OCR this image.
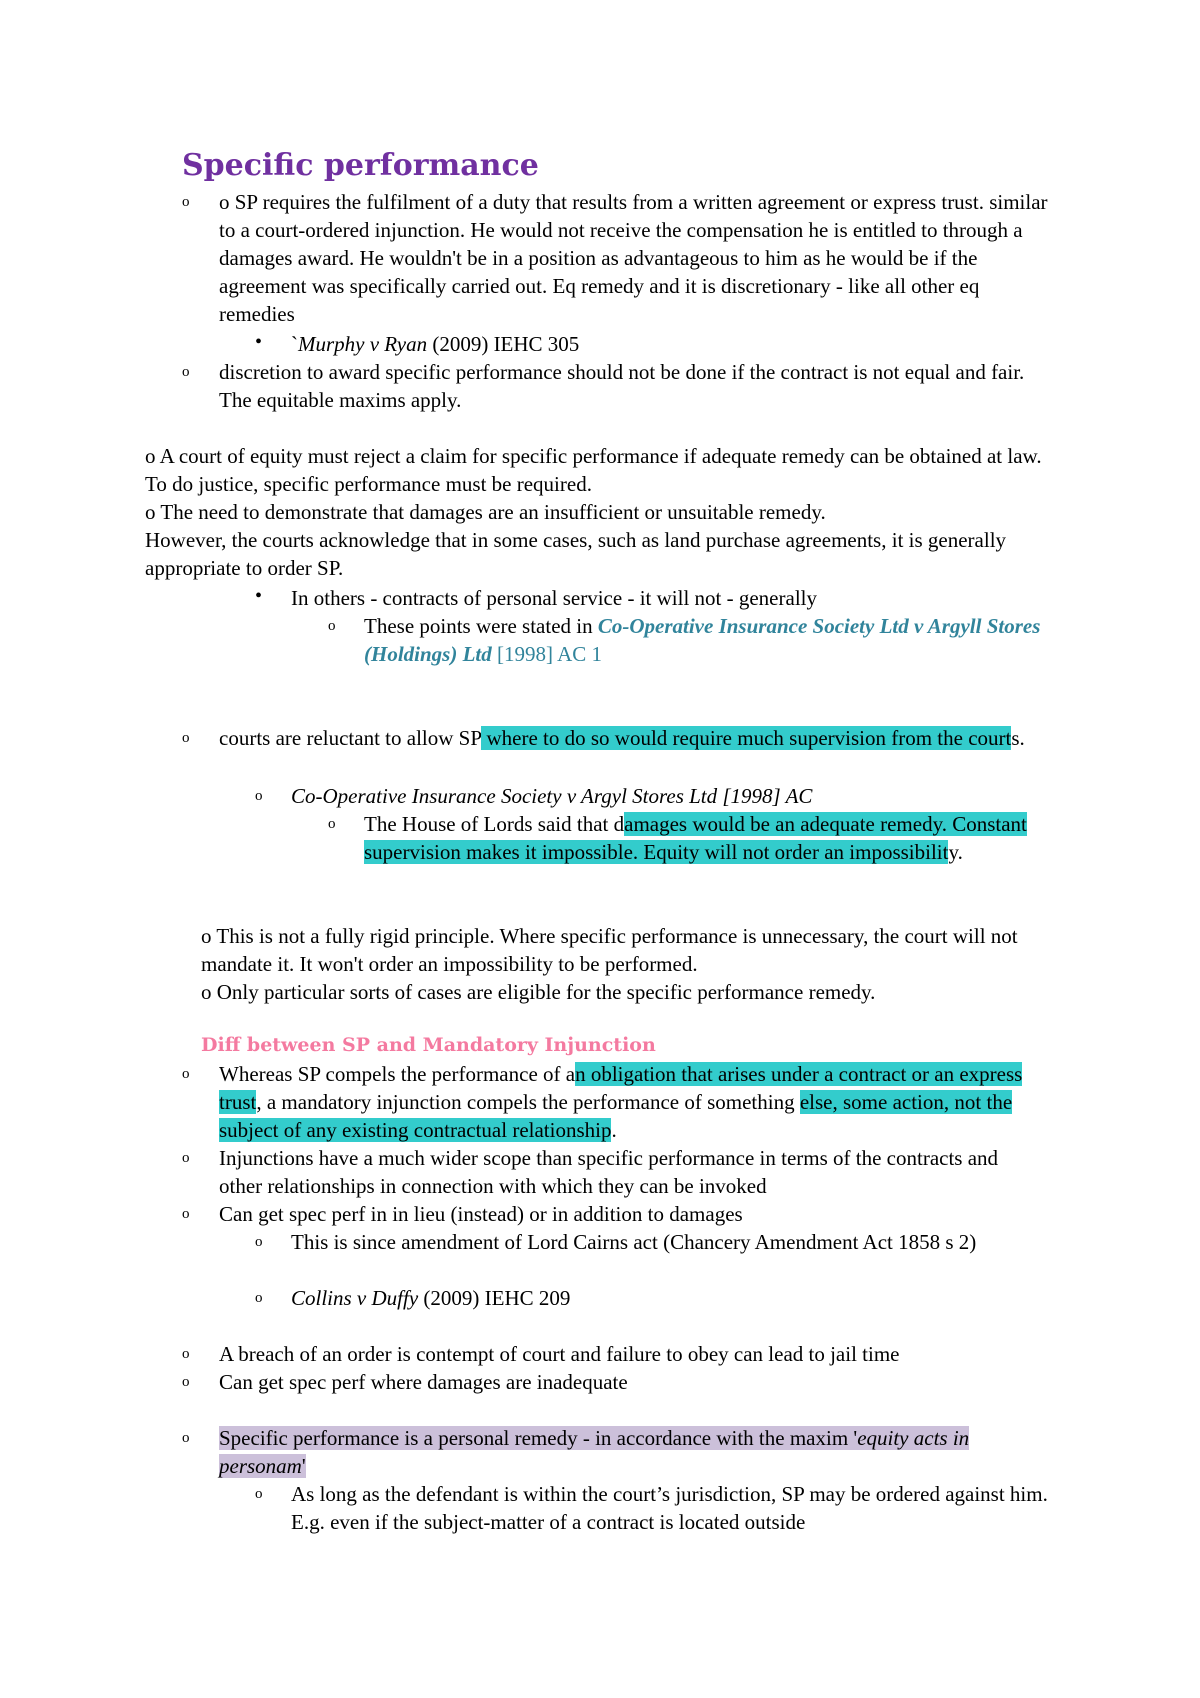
Specific performance
o o SP requires the fulfilment of a duty that results from a written agreement or express trust. similar to a court-ordered injunction. He would not receive the compensation he is entitled to through a damages award. He wouldn't be in a position as advantageous to him as he would be if the agreement was specifically carried out. Eq remedy and it is discretionary - like all other eq remedies
• `Murphy v Ryan (2009) IEHC 305
o discretion to award specific performance should not be done if the contract is not equal and fair. The equitable maxims apply.
o A court of equity must reject a claim for specific performance if adequate remedy can be obtained at law. To do justice, specific performance must be required.
o The need to demonstrate that damages are an insufficient or unsuitable remedy.
However, the courts acknowledge that in some cases, such as land purchase agreements, it is generally appropriate to order SP.
• In others - contracts of personal service - it will not - generally
o These points were stated in Co-Operative Insurance Society Ltd v Argyll Stores (Holdings) Ltd [1998] AC 1
o courts are reluctant to allow SP where to do so would require much supervision from the courts.
o Co-Operative Insurance Society v Argyl Stores Ltd [1998] AC
o The House of Lords said that damages would be an adequate remedy. Constant supervision makes it impossible. Equity will not order an impossibility.
o This is not a fully rigid principle. Where specific performance is unnecessary, the court will not mandate it. It won't order an impossibility to be performed.
o Only particular sorts of cases are eligible for the specific performance remedy.
Diff between SP and Mandatory Injunction
o Whereas SP compels the performance of an obligation that arises under a contract or an express trust, a mandatory injunction compels the performance of something else, some action, not the subject of any existing contractual relationship.
o Injunctions have a much wider scope than specific performance in terms of the contracts and other relationships in connection with which they can be invoked
o Can get spec perf in in lieu (instead) or in addition to damages
o This is since amendment of Lord Cairns act (Chancery Amendment Act 1858 s 2)
o Collins v Duffy (2009) IEHC 209
o A breach of an order is contempt of court and failure to obey can lead to jail time
o Can get spec perf where damages are inadequate
o Specific performance is a personal remedy - in accordance with the maxim 'equity acts in personam'
o As long as the defendant is within the court’s jurisdiction, SP may be ordered against him. E.g. even if the subject-matter of a contract is located outside
